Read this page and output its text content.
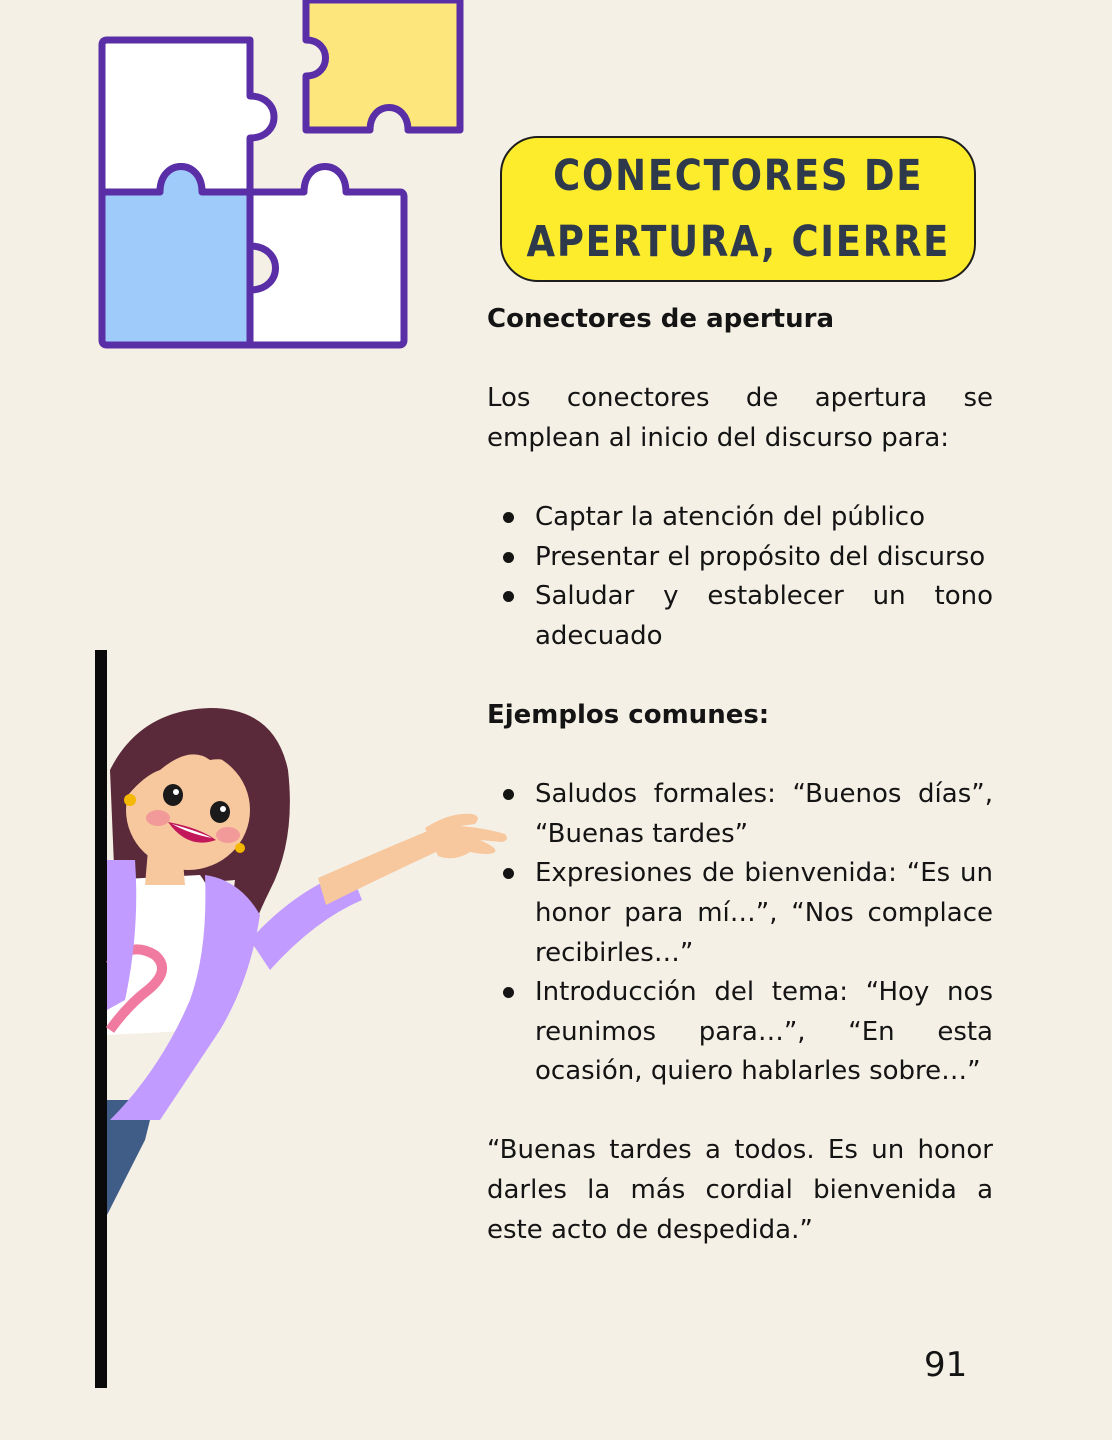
CONECTORES DE
APERTURA, CIERRE

Conectores de apertura

Los conectores de apertura se emplean al inicio del discurso para:

Captar la atención del público
Presentar el propósito del discurso
Saludar y establecer un tono adecuado

Ejemplos comunes:

Saludos formales: “Buenos días”, “Buenas tardes”
Expresiones de bienvenida: “Es un honor para mí…”, “Nos complace recibirles…”
Introducción del tema: “Hoy nos reunimos para…”, “En esta ocasión, quiero hablarles sobre…”

“Buenas tardes a todos. Es un honor darles la más cordial bienvenida a este acto de despedida.”

91
